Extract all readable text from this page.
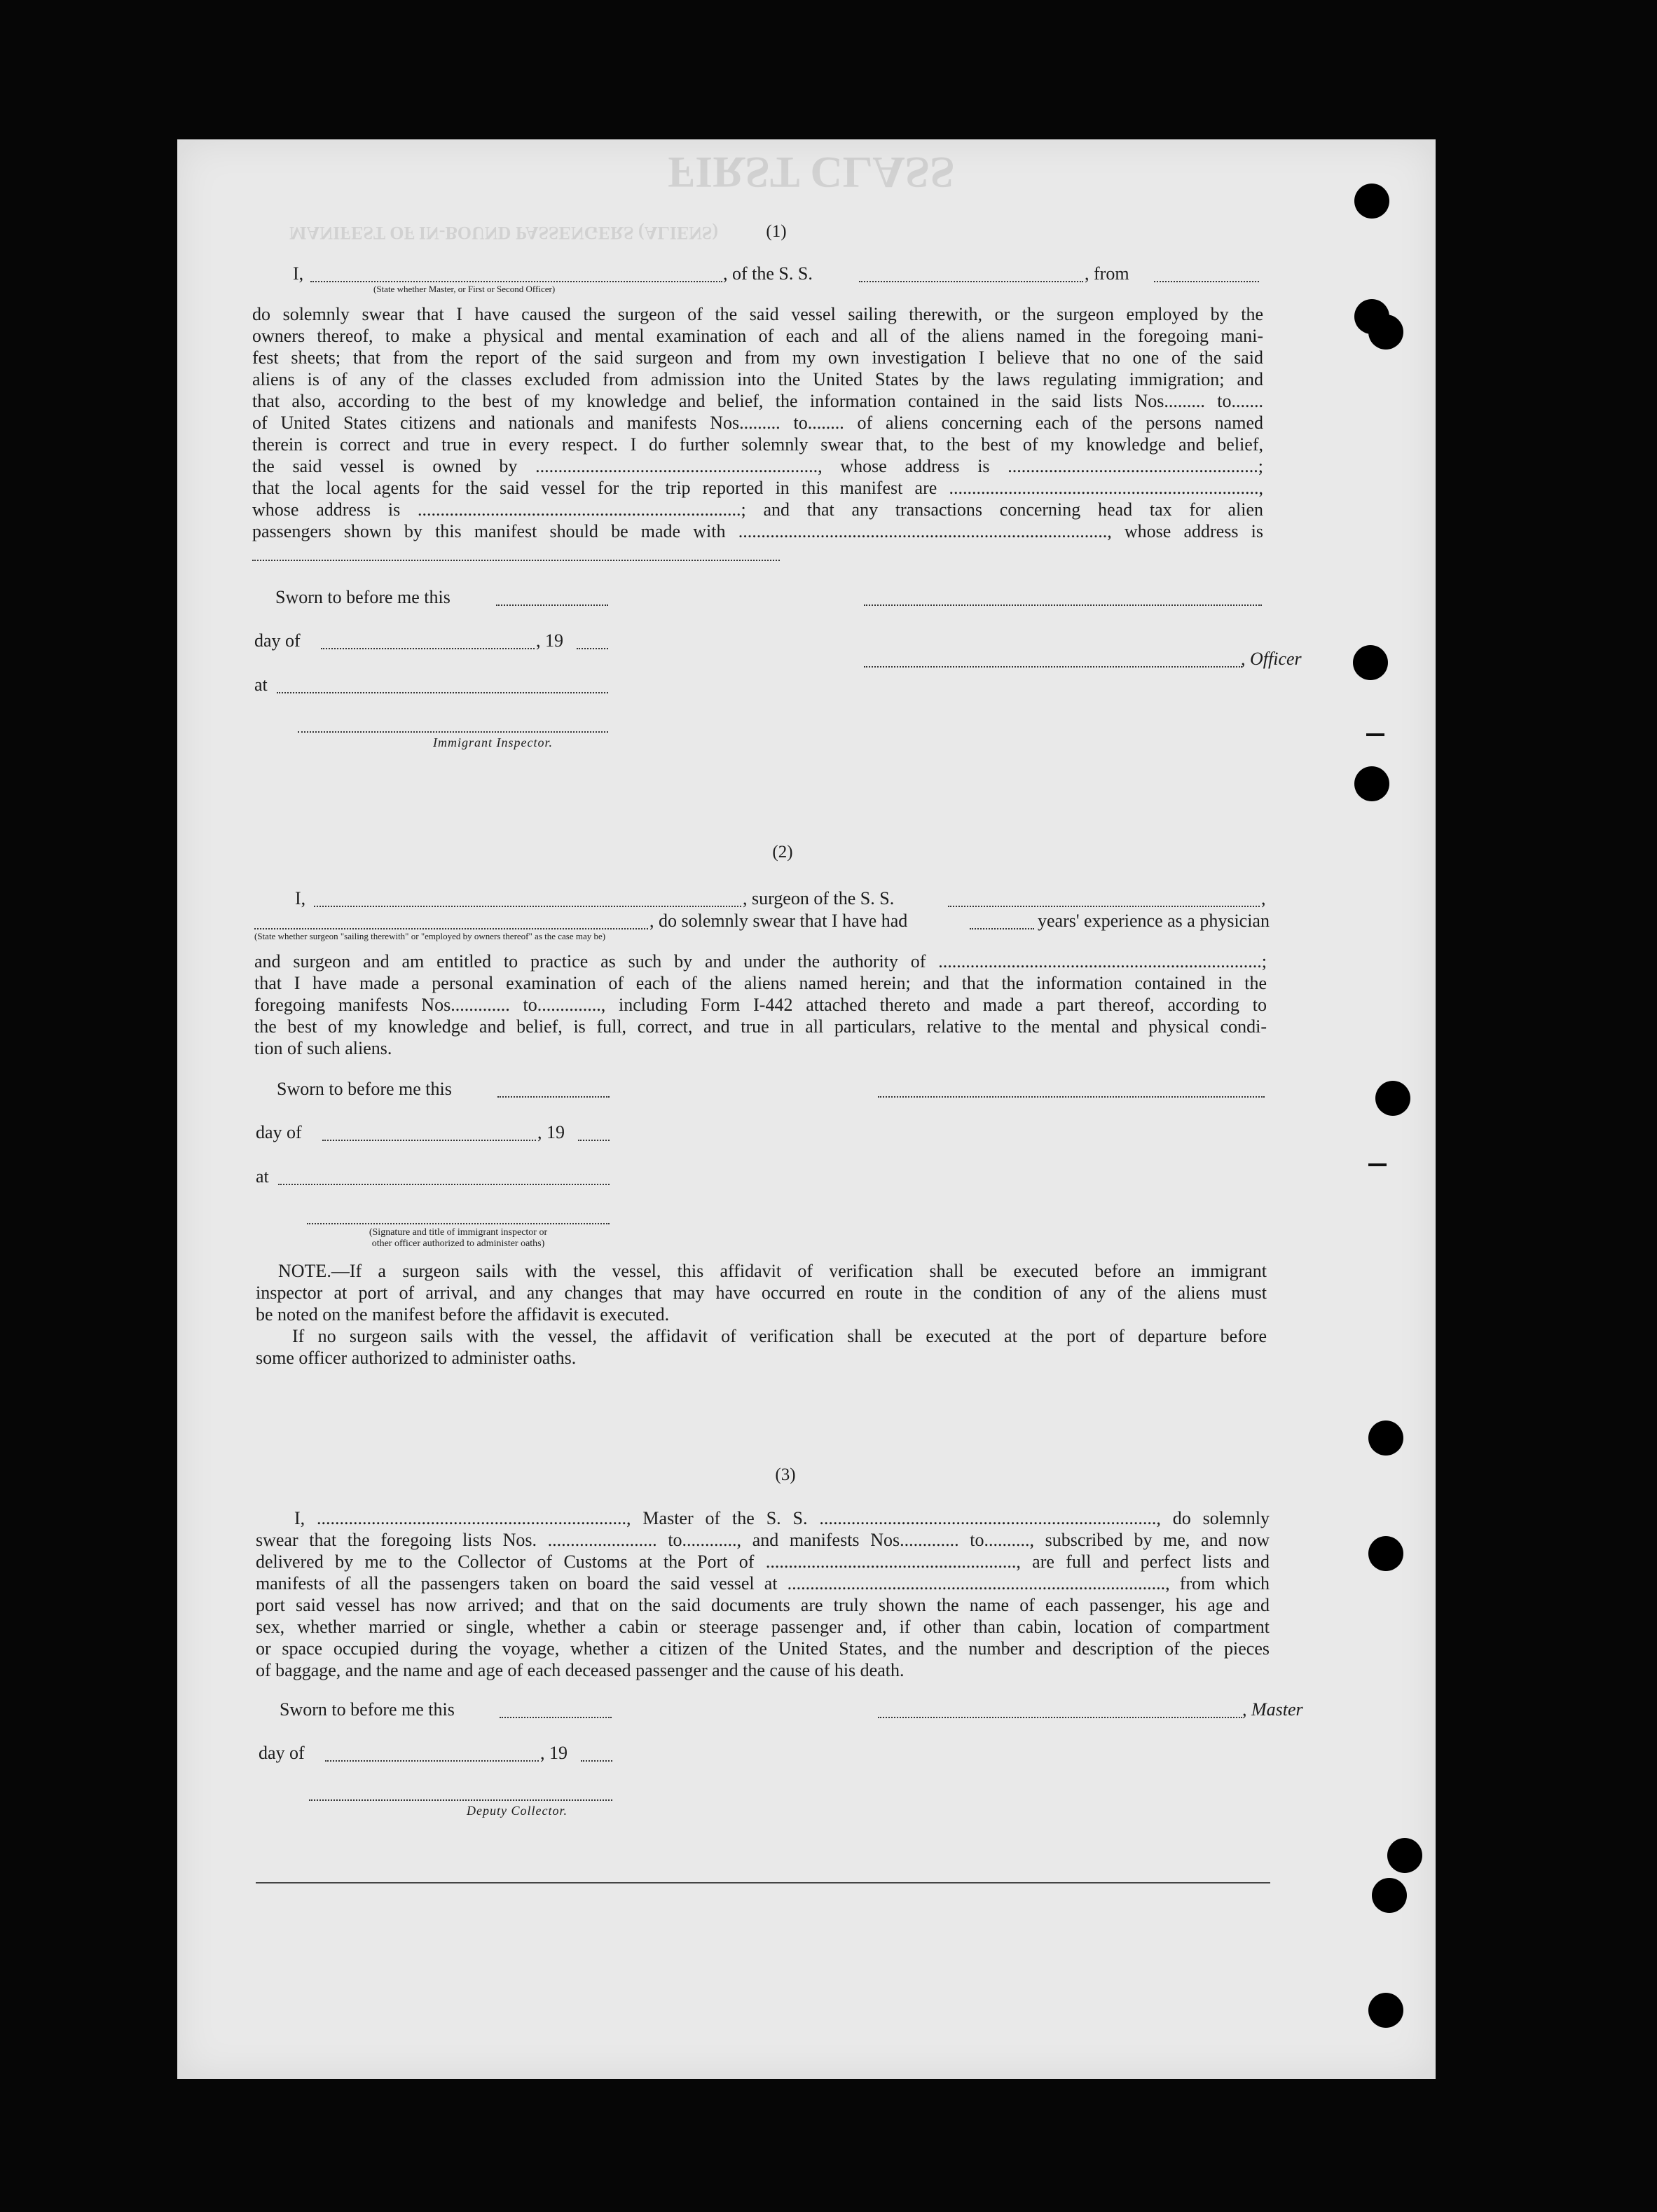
FIRST CLASS
MANIFEST OF IN-BOUND PASSENGERS (ALIENS)	(1)
I,	, of the S. S.	, from
(State whether Master, or First or Second Officer)
do solemnly swear that I have caused the surgeon of the said vessel sailing therewith, or the surgeon employed by the
owners thereof, to make a physical and mental examination of each and all of the aliens named in the foregoing mani-
fest sheets; that from the report of the said surgeon and from my own investigation I believe that no one of the said
aliens is of any of the classes excluded from admission into the United States by the laws regulating immigration; and
that also, according to the best of my knowledge and belief, the information contained in the said lists Nos......... to.......
of United States citizens and nationals and manifests Nos......... to........ of aliens concerning each of the persons named
therein is correct and true in every respect. I do further solemnly swear that, to the best of my knowledge and belief,
the said vessel is owned by .............................................................., whose address is .......................................................;
that the local agents for the said vessel for the trip reported in this manifest are ....................................................................,
whose address is .......................................................................; and that any transactions concerning head tax for alien
passengers shown by this manifest should be made with ................................................................................., whose address is
Sworn to before me this
day of	, 19
, Officer
at
Immigrant Inspector.
(2)
I,	, surgeon of the S. S.	,
, do solemnly swear that I have had	years' experience as a physician
(State whether surgeon "sailing therewith" or "employed by owners thereof" as the case may be)
and surgeon and am entitled to practice as such by and under the authority of .......................................................................;
that I have made a personal examination of each of the aliens named herein; and that the information contained in the
foregoing manifests Nos............. to.............., including Form I-442 attached thereto and made a part thereof, according to
the best of my knowledge and belief, is full, correct, and true in all particulars, relative to the mental and physical condi-
tion of such aliens.
Sworn to before me this
day of	, 19
at
(Signature and title of immigrant inspector or
other officer authorized to administer oaths)
NOTE.—If a surgeon sails with the vessel, this affidavit of verification shall be executed before an immigrant
inspector at port of arrival, and any changes that may have occurred en route in the condition of any of the aliens must
be noted on the manifest before the affidavit is executed.
If no surgeon sails with the vessel, the affidavit of verification shall be executed at the port of departure before
some officer authorized to administer oaths.
(3)
I, ...................................................................., Master of the S. S. .........................................................................., do solemnly
swear that the foregoing lists Nos. ........................ to............, and manifests Nos............. to.........., subscribed by me, and now
delivered by me to the Collector of Customs at the Port of ......................................................., are full and perfect lists and
manifests of all the passengers taken on board the said vessel at ..................................................................................., from which
port said vessel has now arrived; and that on the said documents are truly shown the name of each passenger, his age and
sex, whether married or single, whether a cabin or steerage passenger and, if other than cabin, location of compartment
or space occupied during the voyage, whether a citizen of the United States, and the number and description of the pieces
of baggage, and the name and age of each deceased passenger and the cause of his death.
Sworn to before me this	, Master
day of	, 19
Deputy Collector.
